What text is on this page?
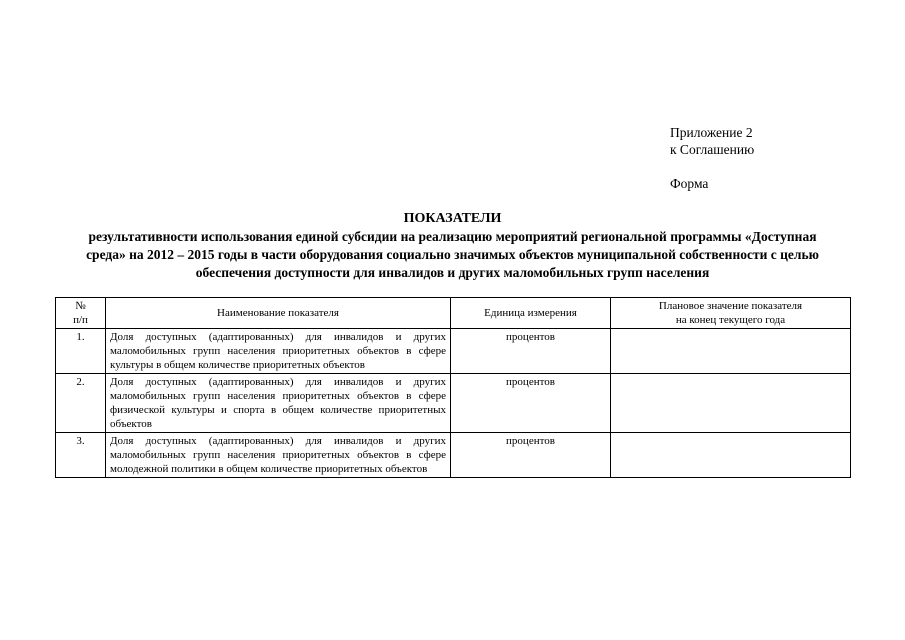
Приложение 2
к Соглашению
Форма
ПОКАЗАТЕЛИ
результативности использования единой субсидии на реализацию мероприятий региональной программы «Доступная
среда» на 2012 – 2015 годы в части оборудования социально значимых объектов муниципальной собственности с целью
обеспечения доступности для инвалидов и других маломобильных групп населения
№
п/п	Наименование показателя	Единица измерения	Плановое значение показателя
на конец текущего года

1.	Доля доступных (адаптированных) для инвалидов и других маломобильных групп населения приоритетных объектов в сфере культуры в общем количестве приоритетных объектов	процентов	
2.	Доля доступных (адаптированных) для инвалидов и других маломобильных групп населения приоритетных объектов в сфере физической культуры и спорта в общем количестве приоритетных объектов	процентов	
3.	Доля доступных (адаптированных) для инвалидов и других маломобильных групп населения приоритетных объектов в сфере молодежной политики в общем количестве приоритетных объектов	процентов	
